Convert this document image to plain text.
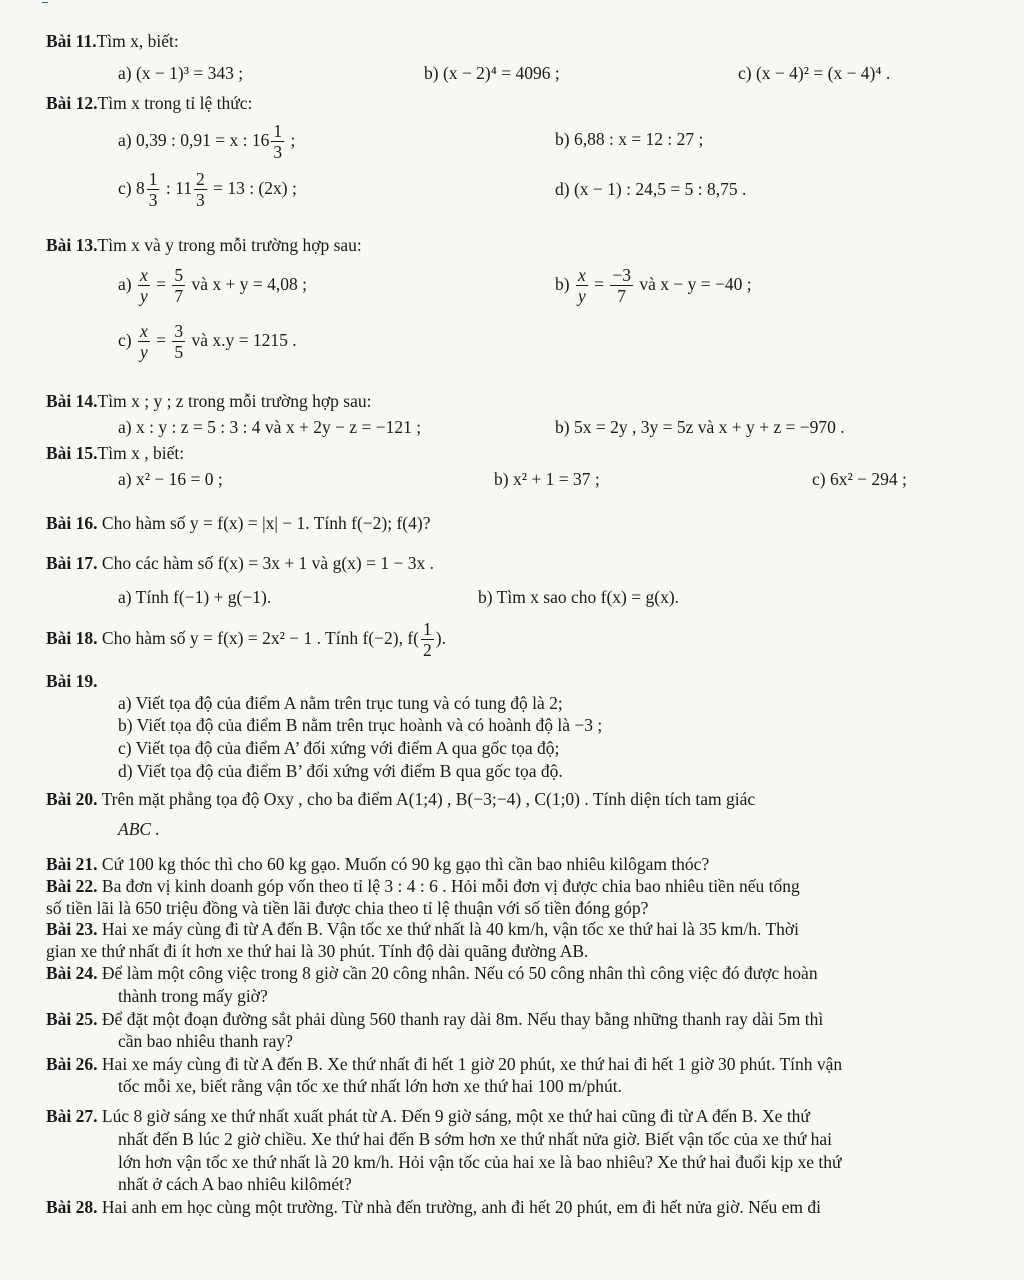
Bài 11.Tìm x, biết:
a) (x − 1)³ = 343 ;	b) (x − 2)⁴ = 4096 ;	c) (x − 4)² = (x − 4)⁴ .
Bài 12.Tìm x trong tỉ lệ thức:
a) 0,39 : 0,91 = x : $16 \frac{1}{3}$ ;	b) 6,88 : x = 12 : 27 ;
c) $8 \frac{1}{3}$ : $11 \frac{2}{3} = 13$ : (2x) ;	d) (x − 1) : 24,5 = 5 : 8,75 .
Bài 13.Tìm x và y trong mỗi trường hợp sau:
$a) \frac{x}{y} = \frac{5}{7}$ và x + y = 4,08 ;	$b) \frac{x}{y} = \frac{-3}{7}$ và x − y = −40 ;
$c) \frac{x}{y} = \frac{3}{5}$ và x.y = 1215 .
Bài 14.Tìm x ; y ; z trong mỗi trường hợp sau:
a) x : y : z = 5 : 3 : 4 và x + 2y − z = −121 ;	b) 5x = 2y , 3y = 5z và x + y + z = −970 .
Bài 15.Tìm x , biết:
a) x² − 16 = 0 ;	b) x² + 1 = 37 ;	c) 6x² − 294 ;
Bài 16. Cho hàm số y = f(x) = |x| − 1. Tính f(−2); f(4)?
Bài 17. Cho các hàm số f(x) = 3x + 1 và g(x) = 1 − 3x .
a) Tính f(−1) + g(−1).	b) Tìm x sao cho f(x) = g(x).
Bài 18. Cho hàm số y = f(x) = 2x² − 1 . Tính f(−2), $f( \frac{1}{2}$ ).
Bài 19.
a) Viết tọa độ của điểm A nằm trên trục tung và có tung độ là 2;
b) Viết tọa độ của điểm B nằm trên trục hoành và có hoành độ là −3 ;
c) Viết tọa độ của điểm A’ đối xứng với điểm A qua gốc tọa độ;
d) Viết tọa độ của điểm B’ đối xứng với điểm B qua gốc tọa độ.
Bài 20. Trên mặt phẳng tọa độ Oxy , cho ba điểm A(1;4) , B(−3;−4) , C(1;0) . Tính diện tích tam giác
ABC .
Bài 21. Cứ 100 kg thóc thì cho 60 kg gạo. Muốn có 90 kg gạo thì cần bao nhiêu kilôgam thóc?
Bài 22. Ba đơn vị kinh doanh góp vốn theo tỉ lệ 3 : 4 : 6 . Hỏi mỗi đơn vị được chia bao nhiêu tiền nếu tổng
số tiền lãi là 650 triệu đồng và tiền lãi được chia theo tỉ lệ thuận với số tiền đóng góp?
Bài 23. Hai xe máy cùng đi từ A đến B. Vận tốc xe thứ nhất là 40 km/h, vận tốc xe thứ hai là 35 km/h. Thời
gian xe thứ nhất đi ít hơn xe thứ hai là 30 phút. Tính độ dài quãng đường AB.
Bài 24. Để làm một công việc trong 8 giờ cần 20 công nhân. Nếu có 50 công nhân thì công việc đó được hoàn
thành trong mấy giờ?
Bài 25. Để đặt một đoạn đường sắt phải dùng 560 thanh ray dài 8m. Nếu thay bằng những thanh ray dài 5m thì
cần bao nhiêu thanh ray?
Bài 26. Hai xe máy cùng đi từ A đến B. Xe thứ nhất đi hết 1 giờ 20 phút, xe thứ hai đi hết 1 giờ 30 phút. Tính vận
tốc mỗi xe, biết rằng vận tốc xe thứ nhất lớn hơn xe thứ hai 100 m/phút.
Bài 27. Lúc 8 giờ sáng xe thứ nhất xuất phát từ A. Đến 9 giờ sáng, một xe thứ hai cũng đi từ A đến B. Xe thứ
nhất đến B lúc 2 giờ chiều. Xe thứ hai đến B sớm hơn xe thứ nhất nửa giờ. Biết vận tốc của xe thứ hai
lớn hơn vận tốc xe thứ nhất là 20 km/h. Hỏi vận tốc của hai xe là bao nhiêu? Xe thứ hai đuổi kịp xe thứ
nhất ở cách A bao nhiêu kilômét?
Bài 28. Hai anh em học cùng một trường. Từ nhà đến trường, anh đi hết 20 phút, em đi hết nửa giờ. Nếu em đi
